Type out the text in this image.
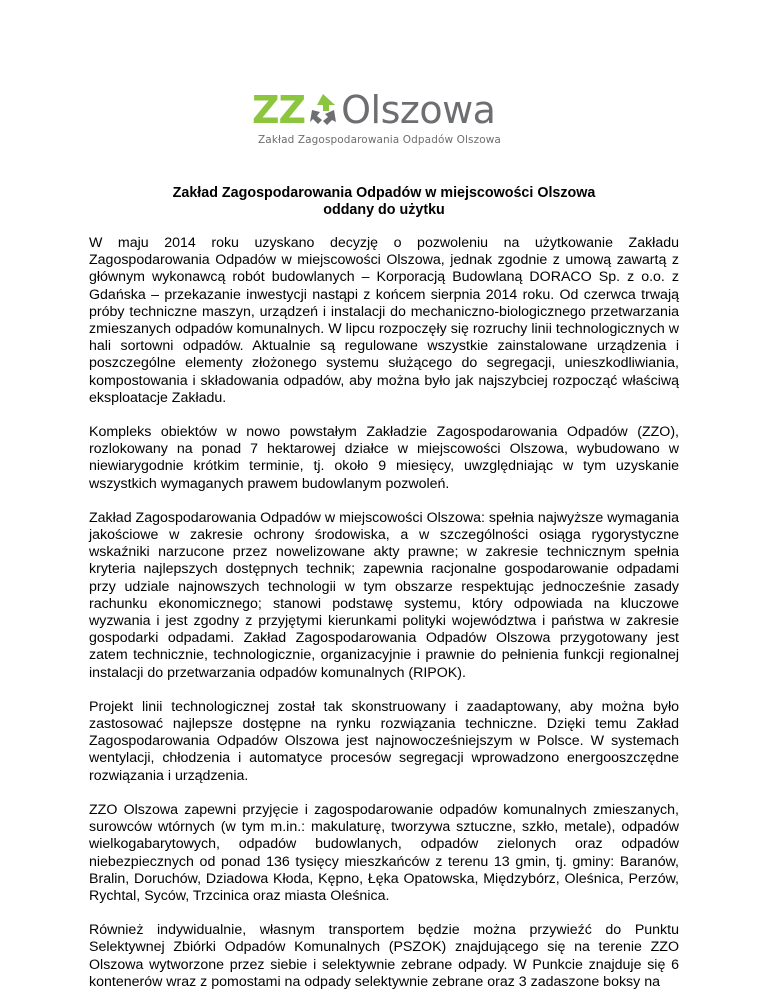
ZZ Olszowa
Zakład Zagospodarowania Odpadów Olszowa
Zakład Zagospodarowania Odpadów w miejscowości Olszowa
oddany do użytku

W maju 2014 roku uzyskano decyzję o pozwoleniu na użytkowanie Zakładu Zagospodarowania Odpadów w miejscowości Olszowa, jednak zgodnie z umową zawartą z głównym wykonawcą robót budowlanych – Korporacją Budowlaną DORACO Sp. z o.o. z Gdańska – przekazanie inwestycji nastąpi z końcem sierpnia 2014 roku. Od czerwca trwają próby techniczne maszyn, urządzeń i instalacji do mechaniczno-biologicznego przetwarzania zmieszanych odpadów komunalnych. W lipcu rozpoczęły się rozruchy linii technologicznych w hali sortowni odpadów. Aktualnie są regulowane wszystkie zainstalowane urządzenia i poszczególne elementy złożonego systemu służącego do segregacji, unieszkodliwiania, kompostowania i składowania odpadów, aby można było jak najszybciej rozpocząć właściwą eksploatacje Zakładu.

Kompleks obiektów w nowo powstałym Zakładzie Zagospodarowania Odpadów (ZZO), rozlokowany na ponad 7 hektarowej działce w miejscowości Olszowa, wybudowano w niewiarygodnie krótkim terminie, tj. około 9 miesięcy, uwzględniając w tym uzyskanie wszystkich wymaganych prawem budowlanym pozwoleń.

Zakład Zagospodarowania Odpadów w miejscowości Olszowa: spełnia najwyższe wymagania jakościowe w zakresie ochrony środowiska, a w szczególności osiąga rygorystyczne wskaźniki narzucone przez nowelizowane akty prawne; w zakresie technicznym spełnia kryteria najlepszych dostępnych technik; zapewnia racjonalne gospodarowanie odpadami przy udziale najnowszych technologii w tym obszarze respektując jednocześnie zasady rachunku ekonomicznego; stanowi podstawę systemu, który odpowiada na kluczowe wyzwania i jest zgodny z przyjętymi kierunkami polityki województwa i państwa w zakresie gospodarki odpadami. Zakład Zagospodarowania Odpadów Olszowa przygotowany jest zatem technicznie, technologicznie, organizacyjnie i prawnie do pełnienia funkcji regionalnej instalacji do przetwarzania odpadów komunalnych (RIPOK).

Projekt linii technologicznej został tak skonstruowany i zaadaptowany, aby można było zastosować najlepsze dostępne na rynku rozwiązania techniczne. Dzięki temu Zakład Zagospodarowania Odpadów Olszowa jest najnowocześniejszym w Polsce. W systemach wentylacji, chłodzenia i automatyce procesów segregacji wprowadzono energooszczędne rozwiązania i urządzenia.

ZZO Olszowa zapewni przyjęcie i zagospodarowanie odpadów komunalnych zmieszanych, surowców wtórnych (w tym m.in.: makulaturę, tworzywa sztuczne, szkło, metale), odpadów wielkogabarytowych, odpadów budowlanych, odpadów zielonych oraz odpadów niebezpiecznych od ponad 136 tysięcy mieszkańców z terenu 13 gmin, tj. gminy: Baranów, Bralin, Doruchów, Dziadowa Kłoda, Kępno, Łęka Opatowska, Międzybórz, Oleśnica, Perzów, Rychtal, Syców, Trzcinica oraz miasta Oleśnica.

Również indywidualnie, własnym transportem będzie można przywieźć do Punktu Selektywnej Zbiórki Odpadów Komunalnych (PSZOK) znajdującego się na terenie ZZO Olszowa wytworzone przez siebie i selektywnie zebrane odpady. W Punkcie znajduje się 6 kontenerów wraz z pomostami na odpady selektywnie zebrane oraz 3 zadaszone boksy na
